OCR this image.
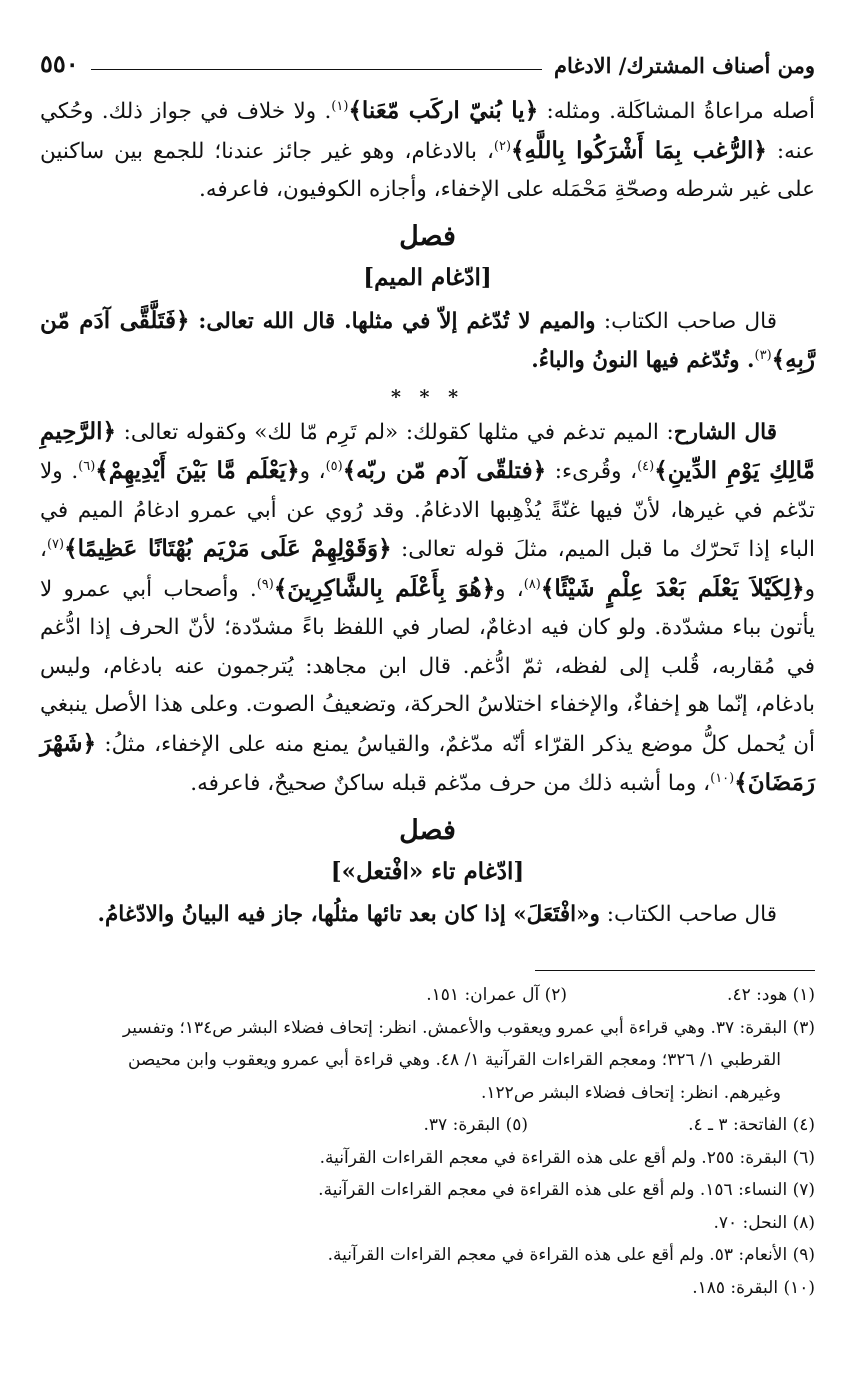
ومن أصناف المشترك/ الادغام
٥٥٠

أصله مراعاةُ المشاكَلة. ومثله: ﴿يا بُنيّ اركَب مّعَنا﴾$^{(١)}$. ولا خلاف في جواز ذلك. وحُكي عنه: ﴿الرُّغب بِمَا أَشْرَكُوا بِاللَّهِ﴾$^{(٢)}$، بالادغام، وهو غير جائز عندنا؛ للجمع بين ساكنين على غير شرطه وصحّةِ مَحْمَله على الإخفاء، وأجازه الكوفيون، فاعرفه.

فصل
[ادّغام الميم]

قال صاحب الكتاب: والميم لا تُدّغم إلاّ في مثلها. قال الله تعالى: ﴿فَتَلَّقَّى آدَم مّن رَّبِهِ﴾$^{(٣)}$. وتُدّغم فيها النونُ والباءُ.

* * *

قال الشارح: الميم تدغم في مثلها كقولك: «لم تَرِم مّا لك» وكقوله تعالى: ﴿الرَّحِيمِ مَّالِكِ يَوْمِ الدِّينِ﴾$^{(٤)}$، وقُرىء: ﴿فتلقّى آدم مّن ربّه﴾$^{(٥)}$، و﴿يَعْلَم مَّا بَيْنَ أَيْدِيهِمْ﴾$^{(٦)}$. ولا تدّغم في غيرها، لأنّ فيها غنّةً يُذْهِبها الادغامُ. وقد رُوي عن أبي عمرو ادغامُ الميم في الباء إذا تَحرّك ما قبل الميم، مثلَ قوله تعالى: ﴿وَقَوْلِهِمْ عَلَى مَرْيَم بُهْتَانًا عَظِيمًا﴾$^{(٧)}$، و﴿لِكَيْلاَ يَعْلَم بَعْدَ عِلْمٍ شَيْئًا﴾$^{(٨)}$، و﴿هُوَ بِأَعْلَم بِالشَّاكِرِينَ﴾$^{(٩)}$. وأصحاب أبي عمرو لا يأتون بباء مشدّدة. ولو كان فيه ادغامٌ، لصار في اللفظ باءً مشدّدة؛ لأنّ الحرف إذا ادُّغم في مُقاربه، قُلب إلى لفظه، ثمّ ادُّغم. قال ابن مجاهد: يُترجمون عنه بادغام، وليس بادغام، إنّما هو إخفاءٌ، والإخفاء اختلاسُ الحركة، وتضعيفُ الصوت. وعلى هذا الأصل ينبغي أن يُحمل كلُّ موضع يذكر القرّاء أنّه مدّغمٌ، والقياسُ يمنع منه على الإخفاء، مثلُ: ﴿شَهْرَ رَمَضَانَ﴾$^{(١٠)}$، وما أشبه ذلك من حرف مدّغم قبله ساكنٌ صحيحٌ، فاعرفه.

فصل
[ادّغام تاء «افْتعل»]

قال صاحب الكتاب: و«افْتَعَلَ» إذا كان بعد تائها مثلُها، جاز فيه البيانُ والادّغامُ.

(١) هود: ٤٢.
(٢) آل عمران: ١٥١.
(٣) البقرة: ٣٧. وهي قراءة أبي عمرو ويعقوب والأعمش. انظر: إتحاف فضلاء البشر ص١٣٤؛ وتفسير
القرطبي ١/ ٣٢٦؛ ومعجم القراءات القرآنية ١/ ٤٨. وهي قراءة أبي عمرو ويعقوب وابن محيصن
وغيرهم. انظر: إتحاف فضلاء البشر ص١٢٢.
(٤) الفاتحة: ٣ ـ ٤.
(٥) البقرة: ٣٧.
(٦) البقرة: ٢٥٥. ولم أقع على هذه القراءة في معجم القراءات القرآنية.
(٧) النساء: ١٥٦. ولم أقع على هذه القراءة في معجم القراءات القرآنية.
(٨) النحل: ٧٠.
(٩) الأنعام: ٥٣. ولم أقع على هذه القراءة في معجم القراءات القرآنية.
(١٠) البقرة: ١٨٥.
